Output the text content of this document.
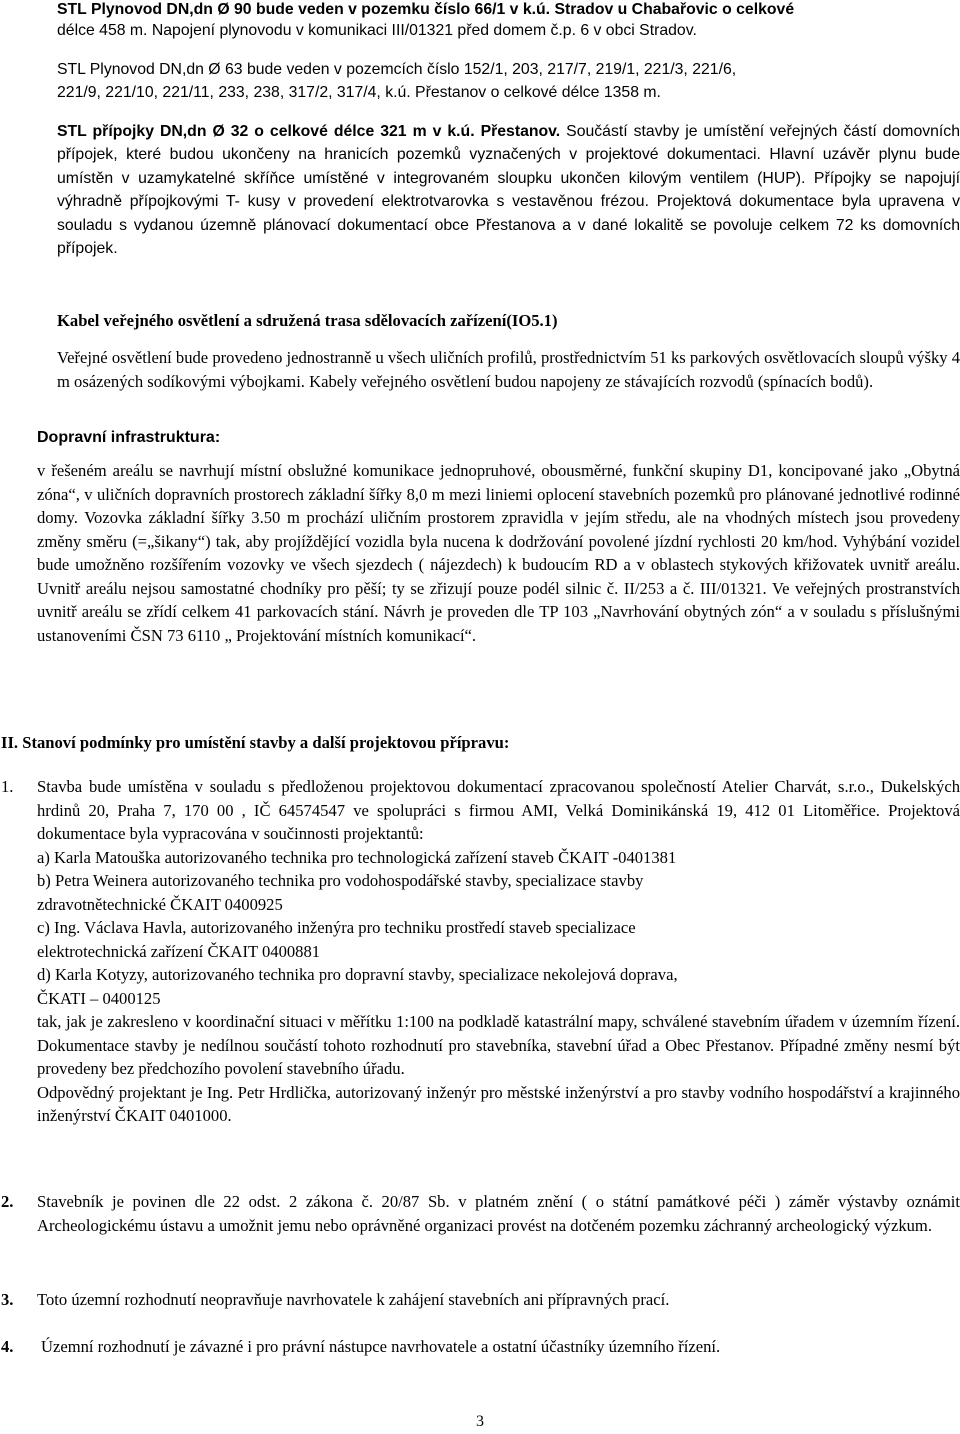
STL Plynovod DN,dn Ø 90 bude veden v pozemku číslo 66/1 v k.ú. Stradov u Chabařovic o celkové
délce 458 m. Napojení plynovodu v komunikaci III/01321 před domem č.p. 6 v obci Stradov.
STL Plynovod DN,dn Ø 63 bude veden v pozemcích číslo 152/1, 203, 217/7, 219/1, 221/3, 221/6,
221/9, 221/10, 221/11, 233, 238, 317/2, 317/4, k.ú. Přestanov o celkové délce 1358 m.
STL přípojky DN,dn Ø 32 o celkové délce 321 m v k.ú. Přestanov. Součástí stavby je umístění veřejných částí domovních přípojek, které budou ukončeny na hranicích pozemků vyznačených v projektové dokumentaci. Hlavní uzávěr plynu bude umístěn v uzamykatelné skříňce umístěné v integrovaném sloupku ukončen kilovým ventilem (HUP). Přípojky se napojují výhradně přípojkovými T- kusy v provedení elektrotvarovka s vestavěnou frézou. Projektová dokumentace byla upravena v souladu s vydanou územně plánovací dokumentací obce Přestanova a v dané lokalitě se povoluje celkem 72 ks domovních přípojek.
Kabel veřejného osvětlení a sdružená trasa sdělovacích zařízení(IO5.1)
Veřejné osvětlení bude provedeno jednostranně u všech uličních profilů, prostřednictvím 51 ks parkových osvětlovacích sloupů výšky 4 m osázených sodíkovými výbojkami. Kabely veřejného osvětlení budou napojeny ze stávajících rozvodů (spínacích bodů).
Dopravní infrastruktura:
v řešeném areálu se navrhují místní obslužné komunikace jednopruhové, obousměrné, funkční skupiny D1, koncipované jako „Obytná zóna“, v uličních dopravních prostorech základní šířky 8,0 m mezi liniemi oplocení stavebních pozemků pro plánované jednotlivé rodinné domy. Vozovka základní šířky 3.50 m prochází uličním prostorem zpravidla v jejím středu, ale na vhodných místech jsou provedeny změny směru (=„šikany“) tak, aby projíždějící vozidla byla nucena k dodržování povolené jízdní rychlosti 20 km/hod. Vyhýbání vozidel bude umožněno rozšířením vozovky ve všech sjezdech ( nájezdech) k budoucím RD a v oblastech stykových křižovatek uvnitř areálu. Uvnitř areálu nejsou samostatné chodníky pro pěší; ty se zřizují pouze podél silnic č. II/253 a č. III/01321. Ve veřejných prostranstvích uvnitř areálu se zřídí celkem 41 parkovacích stání. Návrh je proveden dle TP 103 „Navrhování obytných zón“ a v souladu s příslušnými ustanoveními ČSN 73 6110 „ Projektování místních komunikací“.
II. Stanoví podmínky pro umístění stavby a další projektovou přípravu:
1. Stavba bude umístěna v souladu s předloženou projektovou dokumentací zpracovanou společností Atelier Charvát, s.r.o., Dukelských hrdinů 20, Praha 7, 170 00 , IČ 64574547 ve spolupráci s firmou AMI, Velká Dominikánská 19, 412 01 Litoměřice. Projektová dokumentace byla vypracována v součinnosti projektantů:

a) Karla Matouška autorizovaného technika pro technologická zařízení staveb ČKAIT -0401381
b) Petra Weinera autorizovaného technika pro vodohospodářské stavby, specializace stavby
zdravotnětechnické ČKAIT 0400925
c) Ing. Václava Havla, autorizovaného inženýra pro techniku prostředí staveb specializace
elektrotechnická zařízení ČKAIT 0400881
d) Karla Kotyzy, autorizovaného technika pro dopravní stavby, specializace nekolejová doprava,
ČKATI – 0400125

tak, jak je zakresleno v koordinační situaci v měřítku 1:100 na podkladě katastrální mapy, schválené stavebním úřadem v územním řízení. Dokumentace stavby je nedílnou součástí tohoto rozhodnutí pro stavebníka, stavební úřad a Obec Přestanov. Případné změny nesmí být provedeny bez předchozího povolení stavebního úřadu.

Odpovědný projektant je Ing. Petr Hrdlička, autorizovaný inženýr pro městské inženýrství a pro stavby vodního hospodářství a krajinného inženýrství ČKAIT 0401000.

2. Stavebník je povinen dle 22 odst. 2 zákona č. 20/87 Sb. v platném znění ( o státní památkové péči ) záměr výstavby oznámit Archeologickému ústavu a umožnit jemu nebo oprávněné organizaci provést na dotčeném pozemku záchranný archeologický výzkum.

3. Toto územní rozhodnutí neopravňuje navrhovatele k zahájení stavebních ani přípravných prací.

4. Územní rozhodnutí je závazné i pro právní nástupce navrhovatele a ostatní účastníky územního řízení.

3
